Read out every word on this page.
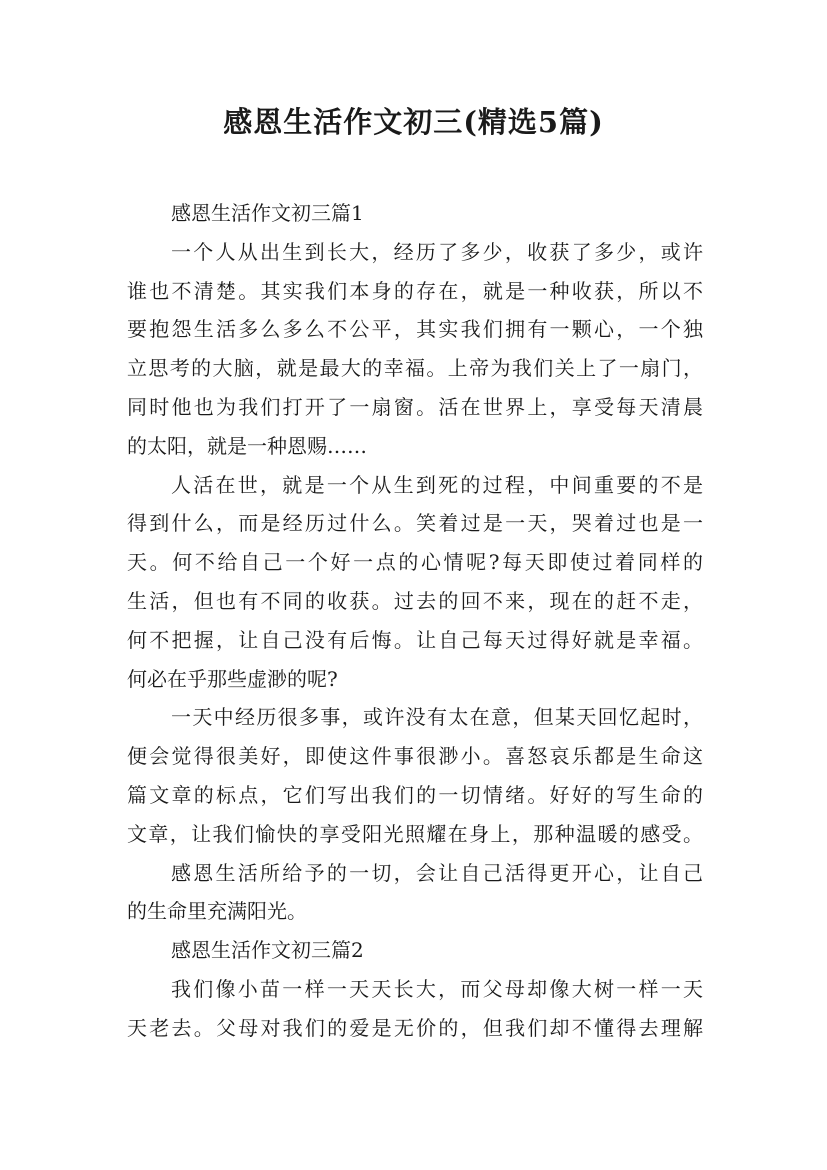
感恩生活作文初三(精选5篇)
感恩生活作文初三篇1
一个人从出生到长大，经历了多少，收获了多少，或许
谁也不清楚。其实我们本身的存在，就是一种收获，所以不
要抱怨生活多么多么不公平，其实我们拥有一颗心，一个独
立思考的大脑，就是最大的幸福。上帝为我们关上了一扇门，
同时他也为我们打开了一扇窗。活在世界上，享受每天清晨
的太阳，就是一种恩赐……
人活在世，就是一个从生到死的过程，中间重要的不是
得到什么，而是经历过什么。笑着过是一天，哭着过也是一
天。何不给自己一个好一点的心情呢?每天即使过着同样的
生活，但也有不同的收获。过去的回不来，现在的赶不走，
何不把握，让自己没有后悔。让自己每天过得好就是幸福。
何必在乎那些虚渺的呢?
一天中经历很多事，或许没有太在意，但某天回忆起时，
便会觉得很美好，即使这件事很渺小。喜怒哀乐都是生命这
篇文章的标点，它们写出我们的一切情绪。好好的写生命的
文章，让我们愉快的享受阳光照耀在身上，那种温暖的感受。
感恩生活所给予的一切，会让自己活得更开心，让自己
的生命里充满阳光。
感恩生活作文初三篇2
我们像小苗一样一天天长大，而父母却像大树一样一天
天老去。父母对我们的爱是无价的，但我们却不懂得去理解
